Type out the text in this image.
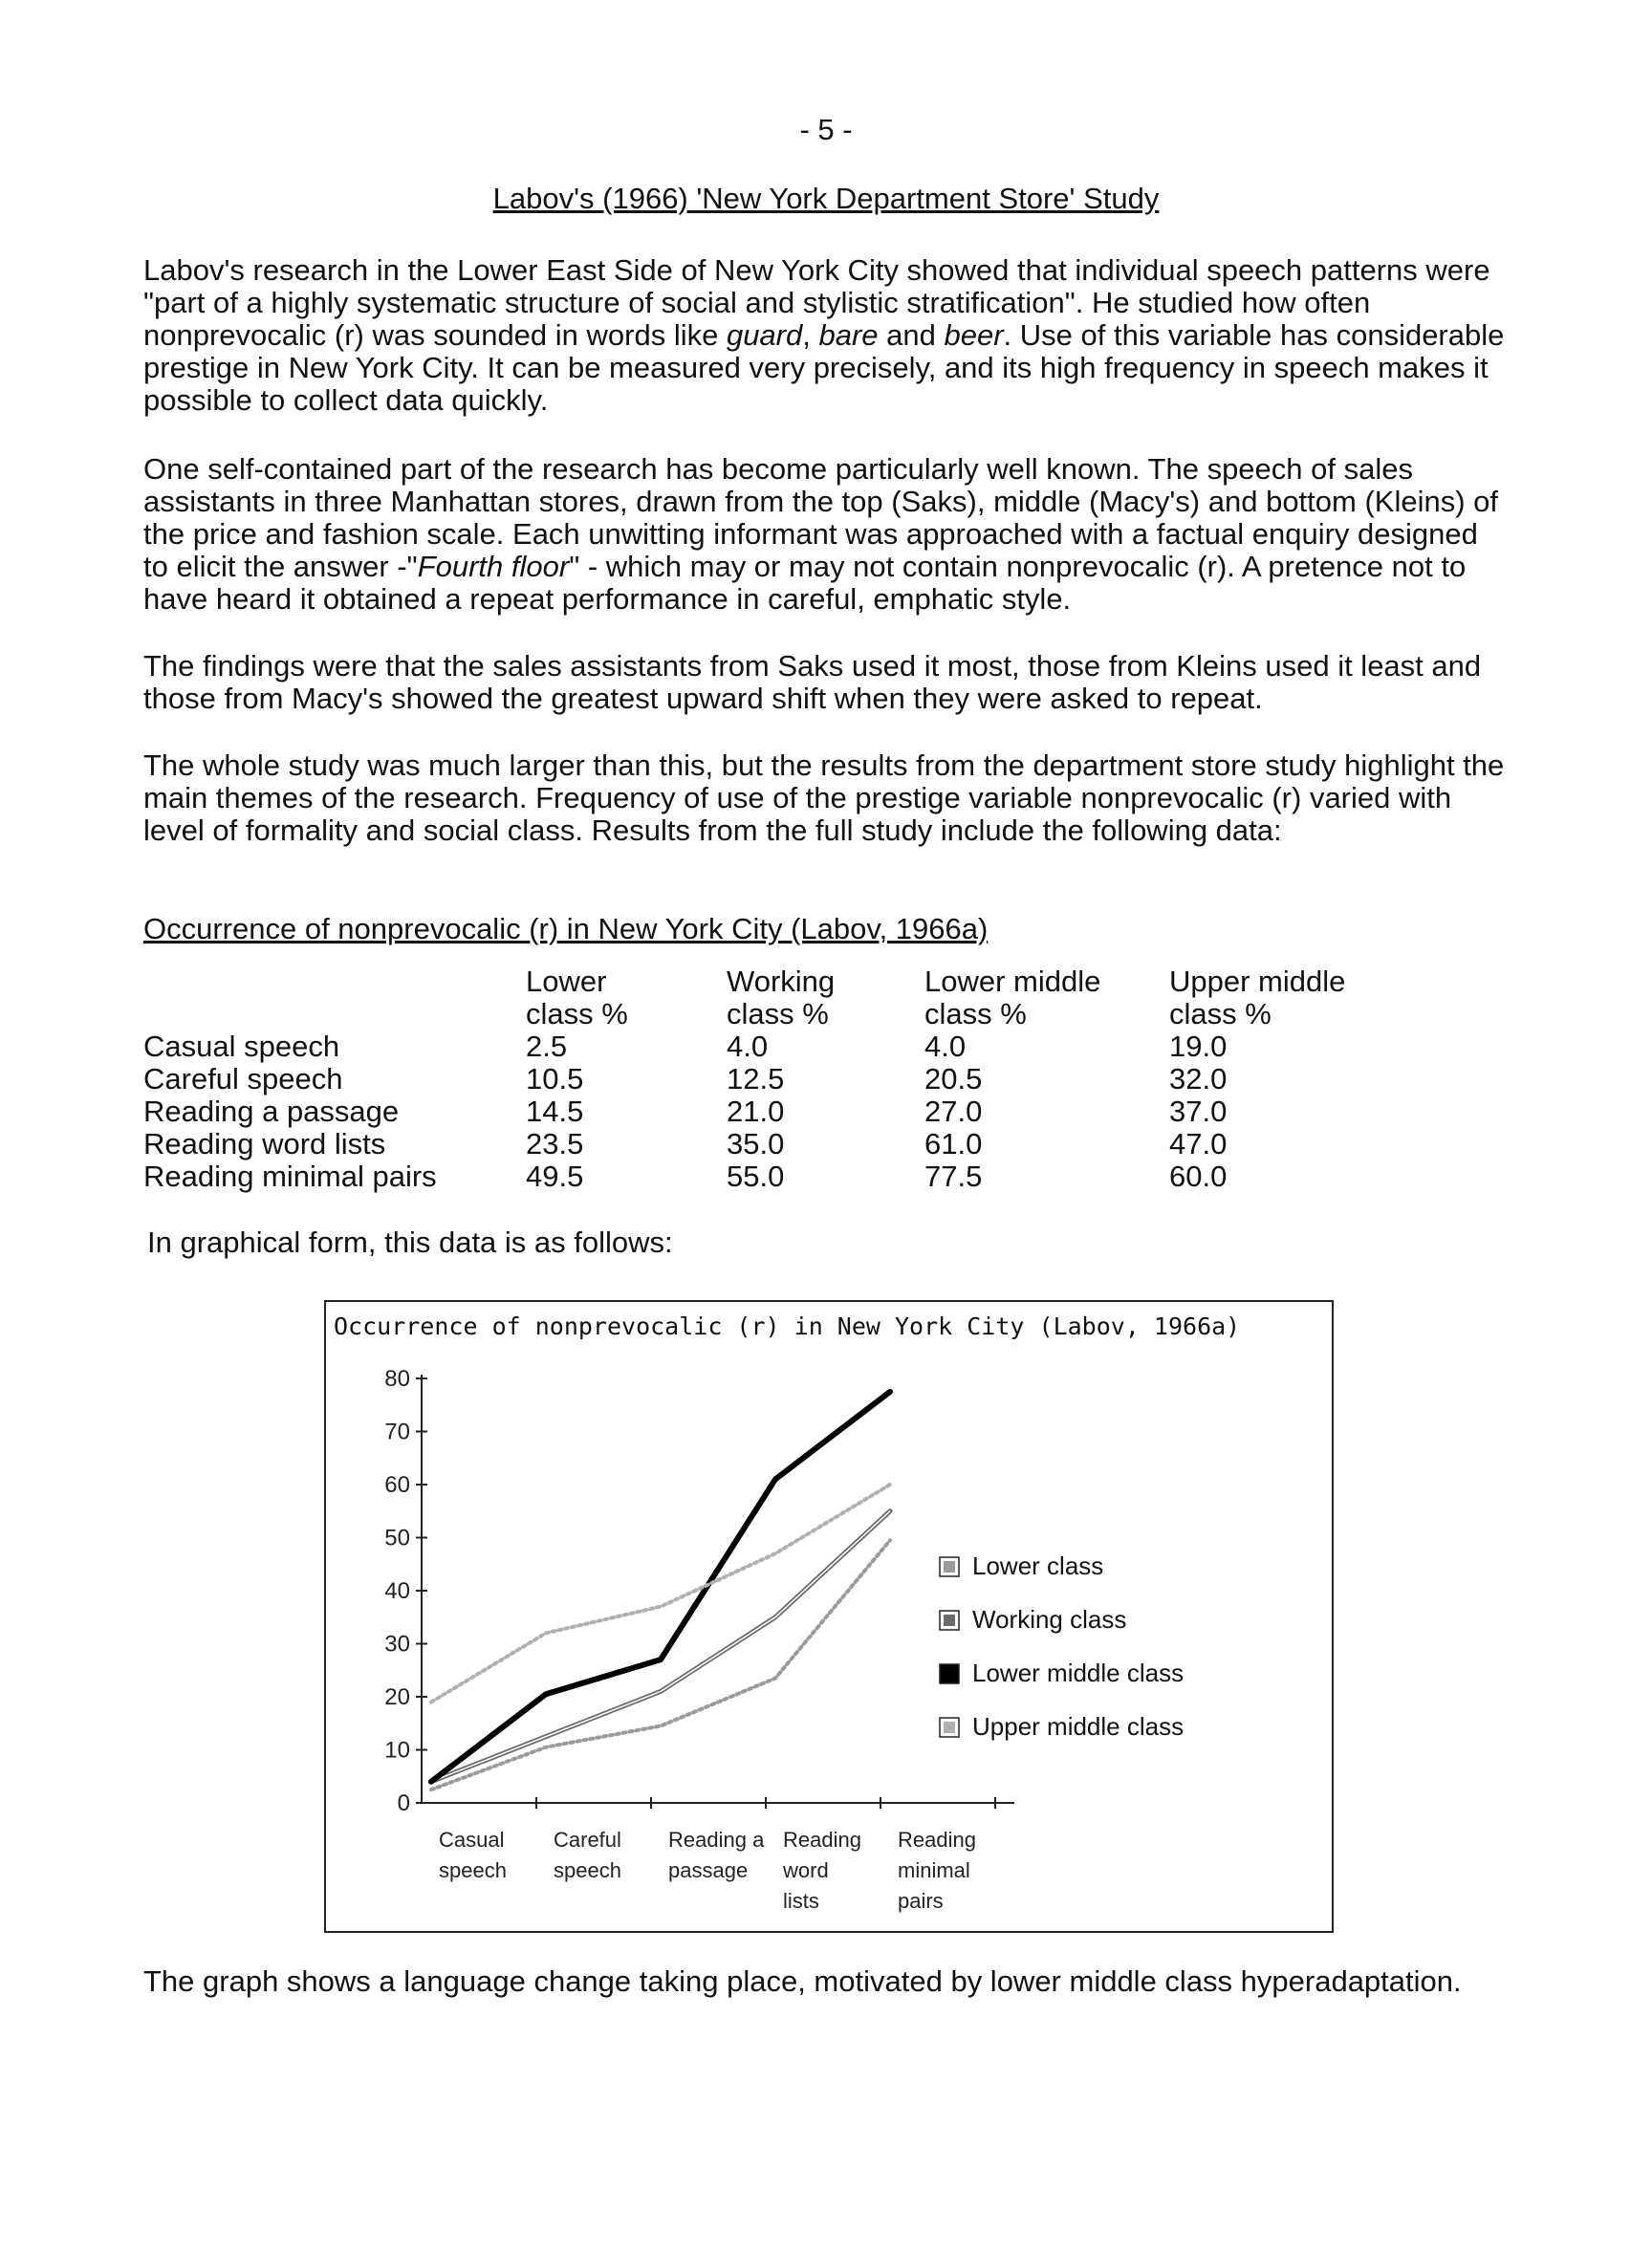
- 5 -
Labov's (1966) 'New York Department Store' Study

Labov's research in the Lower East Side of New York City showed that individual speech patterns were "part of a highly systematic structure of social and stylistic stratification". He studied how often nonprevocalic (r) was sounded in words like guard, bare and beer. Use of this variable has considerable prestige in New York City. It can be measured very precisely, and its high frequency in speech makes it possible to collect data quickly.

One self-contained part of the research has become particularly well known. The speech of sales assistants in three Manhattan stores, drawn from the top (Saks), middle (Macy's) and bottom (Kleins) of the price and fashion scale. Each unwitting informant was approached with a factual enquiry designed to elicit the answer -"Fourth floor" - which may or may not contain nonprevocalic (r). A pretence not to have heard it obtained a repeat performance in careful, emphatic style.

The findings were that the sales assistants from Saks used it most, those from Kleins used it least and those from Macy's showed the greatest upward shift when they were asked to repeat.

The whole study was much larger than this, but the results from the department store study highlight the main themes of the research. Frequency of use of the prestige variable nonprevocalic (r) varied with level of formality and social class. Results from the full study include the following data:

Occurrence of nonprevocalic (r) in New York City (Labov, 1966a)
	Lower
class %	Working
class %	Lower middle
class %	Upper middle
class %
Casual speech	2.5	4.0	4.0	19.0
Careful speech	10.5	12.5	20.5	32.0
Reading a passage	14.5	21.0	27.0	37.0
Reading word lists	23.5	35.0	61.0	47.0
Reading minimal pairs	49.5	55.0	77.5	60.0
In graphical form, this data is as follows:
Occurrence of nonprevocalic (r) in New York City (Labov, 1966a)
0
10
20
30
40
50
60
70
80
Casual
speech
Careful
speech
Reading a
passage
Reading
word
lists
Reading
minimal
pairs
Lower class
Working class
Lower middle class
Upper middle class

The graph shows a language change taking place, motivated by lower middle class hyperadaptation.
